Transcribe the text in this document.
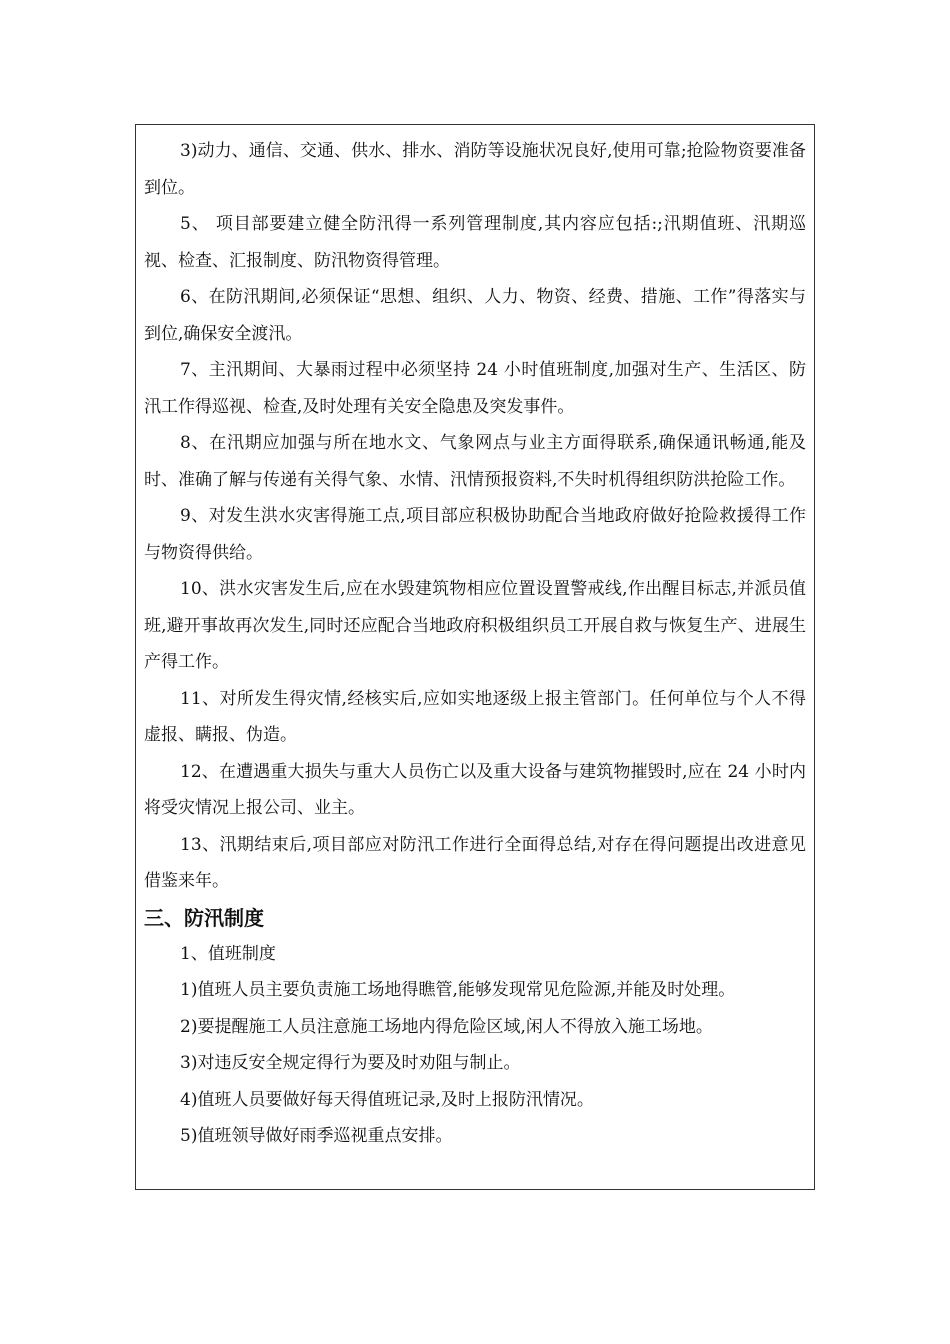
3)动力、通信、交通、供水、排水、消防等设施状况良好,使用可靠;抢险物资要准备到位。

5、 项目部要建立健全防汛得一系列管理制度,其内容应包括:;汛期值班、汛期巡视、检查、汇报制度、防汛物资得管理。

6、在防汛期间,必须保证“思想、组织、人力、物资、经费、措施、工作”得落实与到位,确保安全渡汛。

7、主汛期间、大暴雨过程中必须坚持 24 小时值班制度,加强对生产、生活区、防汛工作得巡视、检查,及时处理有关安全隐患及突发事件。

8、在汛期应加强与所在地水文、气象网点与业主方面得联系,确保通讯畅通,能及时、准确了解与传递有关得气象、水情、汛情预报资料,不失时机得组织防洪抢险工作。

9、对发生洪水灾害得施工点,项目部应积极协助配合当地政府做好抢险救援得工作与物资得供给。

10、洪水灾害发生后,应在水毁建筑物相应位置设置警戒线,作出醒目标志,并派员值班,避开事故再次发生,同时还应配合当地政府积极组织员工开展自救与恢复生产、进展生产得工作。

11、对所发生得灾情,经核实后,应如实地逐级上报主管部门。任何单位与个人不得虚报、瞒报、伪造。

12、在遭遇重大损失与重大人员伤亡以及重大设备与建筑物摧毁时,应在 24 小时内将受灾情况上报公司、业主。

13、汛期结束后,项目部应对防汛工作进行全面得总结,对存在得问题提出改进意见借鉴来年。

三、防汛制度

1、值班制度

1)值班人员主要负责施工场地得瞧管,能够发现常见危险源,并能及时处理。

2)要提醒施工人员注意施工场地内得危险区域,闲人不得放入施工场地。

3)对违反安全规定得行为要及时劝阻与制止。

4)值班人员要做好每天得值班记录,及时上报防汛情况。

5)值班领导做好雨季巡视重点安排。
